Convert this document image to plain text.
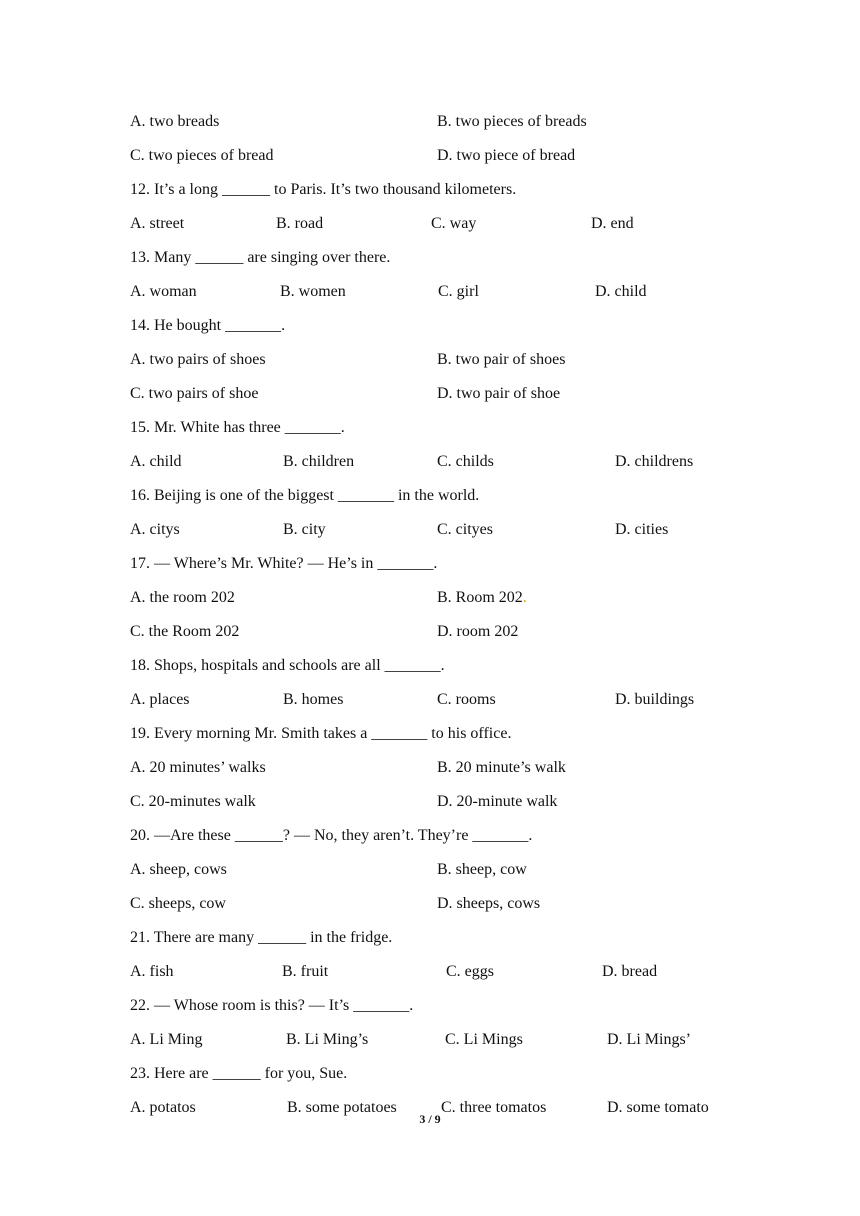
A. two breads	B. two pieces of breads
C. two pieces of bread	D. two piece of bread
12. It’s a long ______ to Paris. It’s two thousand kilometers.
A. street	B. road	C. way	D. end
13. Many ______ are singing over there.
A. woman	B. women	C. girl	D. child
14. He bought _______.
A. two pairs of shoes	B. two pair of shoes
C. two pairs of shoe	D. two pair of shoe
15. Mr. White has three _______.
A. child	B. children	C. childs	D. childrens
16. Beijing is one of the biggest _______ in the world.
A. citys	B. city	C. cityes	D. cities
17. — Where’s Mr. White? — He’s in _______.
A. the room 202	B. Room 202.
C. the Room 202	D. room 202
18. Shops, hospitals and schools are all _______.
A. places	B. homes	C. rooms	D. buildings
19. Every morning Mr. Smith takes a _______ to his office.
A. 20 minutes’ walks	B. 20 minute’s walk
C. 20-minutes walk	D. 20-minute walk
20. —Are these ______? — No, they aren’t. They’re _______.
A. sheep, cows	B. sheep, cow
C. sheeps, cow	D. sheeps, cows
21. There are many ______ in the fridge.
A. fish	B. fruit	C. eggs	D. bread
22. — Whose room is this? — It’s _______.
A. Li Ming	B. Li Ming’s	C. Li Mings	D. Li Mings’
23. Here are ______ for you, Sue.
A. potatos	B. some potatoes	C. three tomatos	D. some tomato
3 / 9
